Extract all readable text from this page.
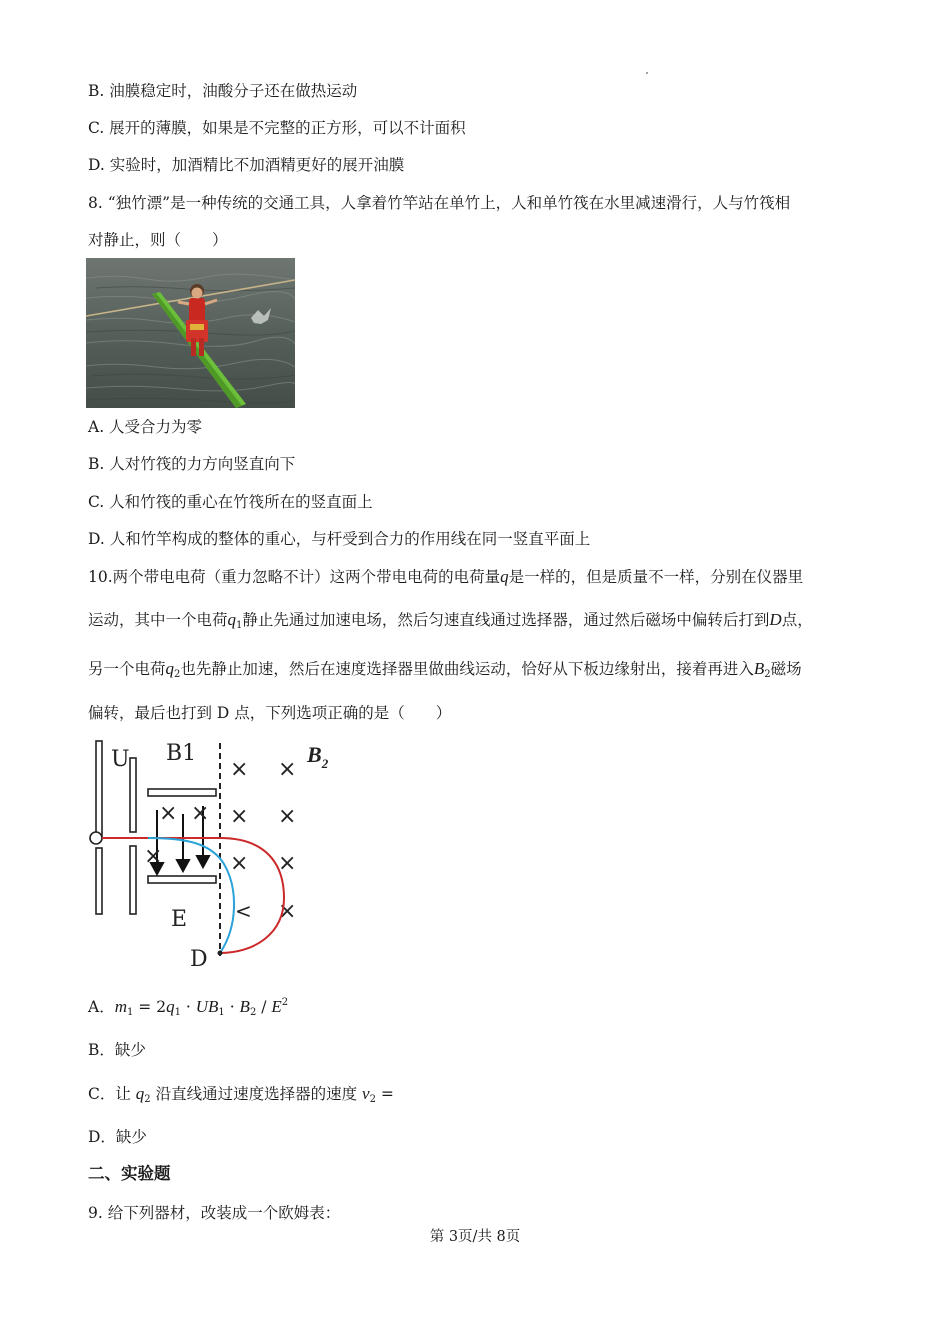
B. 油膜稳定时，油酸分子还在做热运动
C. 展开的薄膜，如果是不完整的正方形，可以不计面积
D. 实验时，加酒精比不加酒精更好的展开油膜
8. “独竹漂”是一种传统的交通工具，人拿着竹竿站在单竹上，人和单竹筏在水里减速滑行，人与竹筏相
对静止，则（　　）
A. 人受合力为零
B. 人对竹筏的力方向竖直向下
C. 人和竹筏的重心在竹筏所在的竖直面上
D. 人和竹竿构成的整体的重心，与杆受到合力的作用线在同一竖直平面上
10.两个带电电荷（重力忽略不计）这两个带电电荷的电荷量q是一样的，但是质量不一样，分别在仪器里
运动，其中一个电荷$q_1$静止先通过加速电场，然后匀速直线通过选择器，通过然后磁场中偏转后打到D点，
另一个电荷$q_2$也先静止加速，然后在速度选择器里做曲线运动，恰好从下板边缘射出，接着再进入$B_2$磁场
偏转，最后也打到 D 点，下列选项正确的是（　　）
U B1
× ×
×
× ×
× ×
× ×
×
<
$B_2$
E
D
A．$m_1 = 2q_1 \cdot UB_1 \cdot B_2 / E^2$
B．缺少
C．让 $q_2$ 沿直线通过速度选择器的速度 $v_2$ =
D．缺少
二、实验题
9. 给下列器材，改装成一个欧姆表：
第 3页/共 8页
